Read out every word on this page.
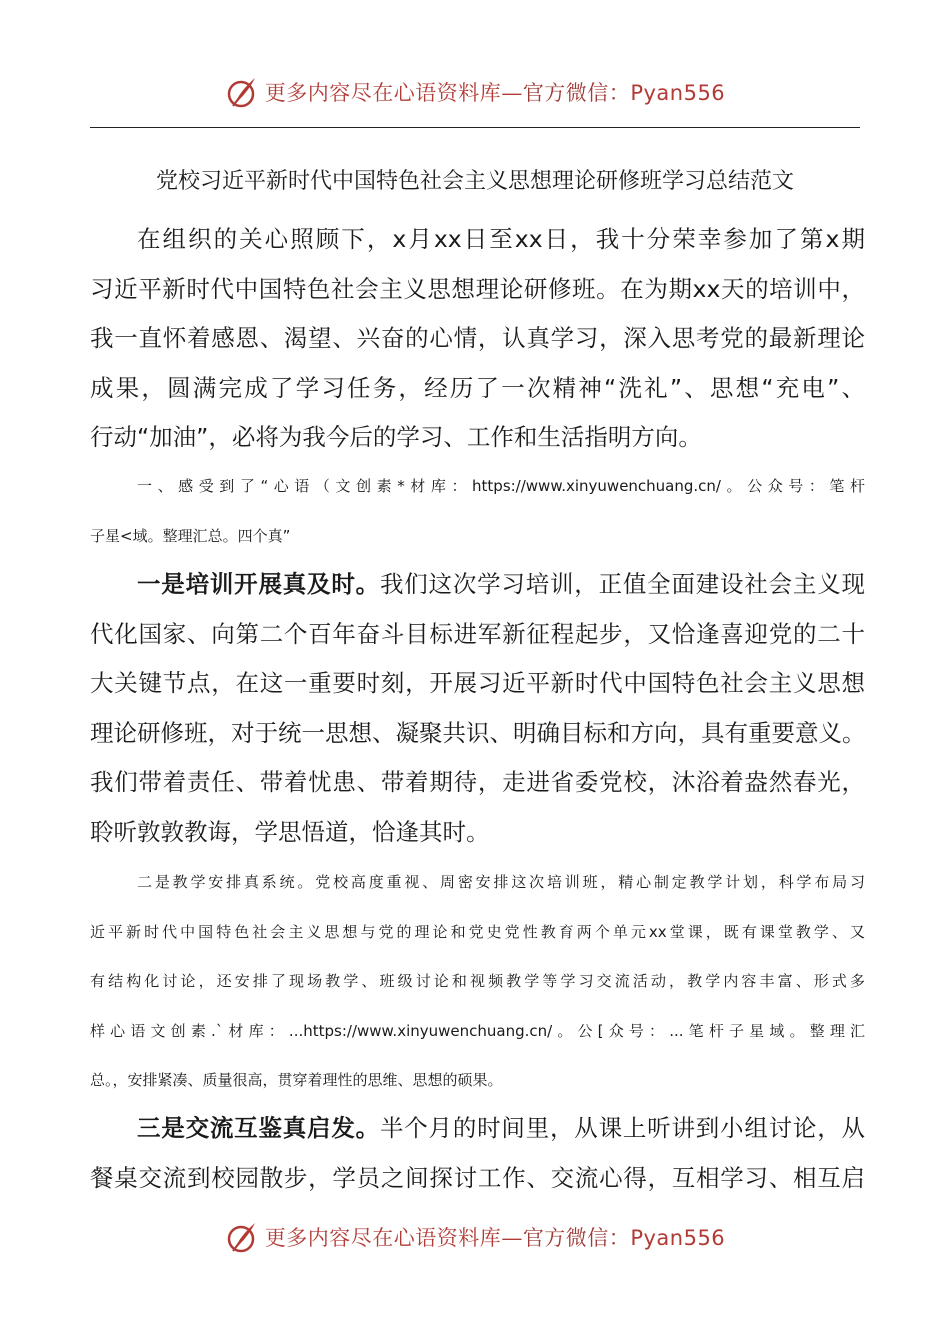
更多内容尽在心语资料库—官方微信：Pyan556
党校习近平新时代中国特色社会主义思想理论研修班学习总结范文
在组织的关心照顾下，x月xx日至xx日，我十分荣幸参加了第x期
习近平新时代中国特色社会主义思想理论研修班。在为期xx天的培训中，
我一直怀着感恩、渴望、兴奋的心情，认真学习，深入思考党的最新理论
成果，圆满完成了学习任务，经历了一次精神“洗礼”、思想“充电”、
行动“加油”，必将为我今后的学习、工作和生活指明方向。
一、感受到了“心语（文创素*材库：https://www.xinyuwenchuang.cn/。公众号：笔杆
子星<域。整理汇总。四个真”
一是培训开展真及时。我们这次学习培训，正值全面建设社会主义现
代化国家、向第二个百年奋斗目标进军新征程起步，又恰逢喜迎党的二十
大关键节点，在这一重要时刻，开展习近平新时代中国特色社会主义思想
理论研修班，对于统一思想、凝聚共识、明确目标和方向，具有重要意义。
我们带着责任、带着忧患、带着期待，走进省委党校，沐浴着盎然春光，
聆听敦敦教诲，学思悟道，恰逢其时。
二是教学安排真系统。党校高度重视、周密安排这次培训班，精心制定教学计划，科学布局习
近平新时代中国特色社会主义思想与党的理论和党史党性教育两个单元xx堂课，既有课堂教学、又
有结构化讨论，还安排了现场教学、班级讨论和视频教学等学习交流活动，教学内容丰富、形式多
样心语文创素.`材库：...https://www.xinyuwenchuang.cn/。公[众号：...笔杆子星域。整理汇
总。，安排紧凑、质量很高，贯穿着理性的思维、思想的硕果。
三是交流互鉴真启发。半个月的时间里，从课上听讲到小组讨论，从
餐桌交流到校园散步，学员之间探讨工作、交流心得，互相学习、相互启
更多内容尽在心语资料库—官方微信：Pyan556
